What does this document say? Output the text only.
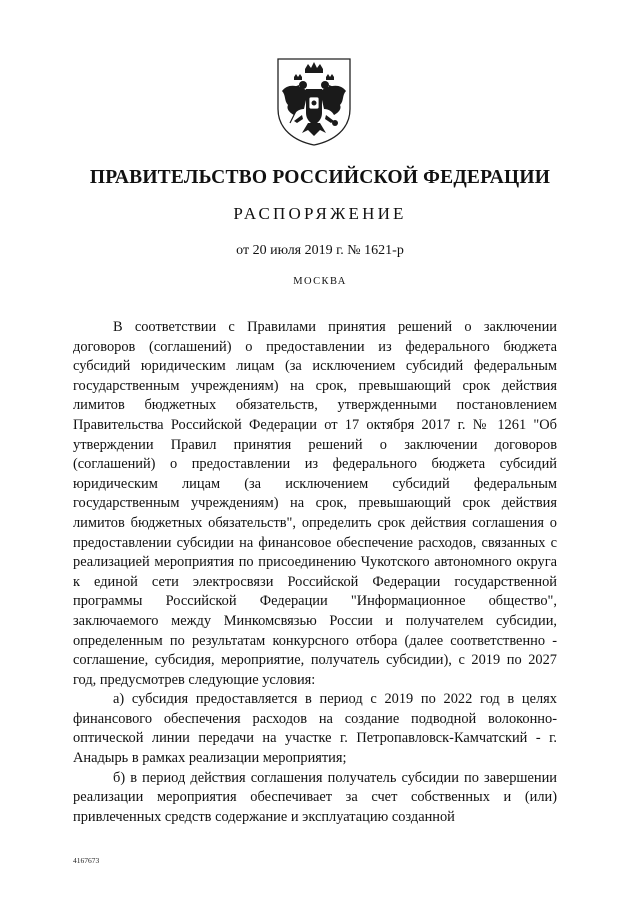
ПРАВИТЕЛЬСТВО РОССИЙСКОЙ ФЕДЕРАЦИИ
РАСПОРЯЖЕНИЕ
от 20 июля 2019 г. № 1621-р
МОСКВА

В соответствии с Правилами принятия решений о заключении договоров (соглашений) о предоставлении из федерального бюджета субсидий юридическим лицам (за исключением субсидий федеральным государственным учреждениям) на срок, превышающий срок действия лимитов бюджетных обязательств, утвержденными постановлением Правительства Российской Федерации от 17 октября 2017 г. № 1261 "Об утверждении Правил принятия решений о заключении договоров (соглашений) о предоставлении из федерального бюджета субсидий юридическим лицам (за исключением субсидий федеральным государственным учреждениям) на срок, превышающий срок действия лимитов бюджетных обязательств", определить срок действия соглашения о предоставлении субсидии на финансовое обеспечение расходов, связанных с реализацией мероприятия по присоединению Чукотского автономного округа к единой сети электросвязи Российской Федерации государственной программы Российской Федерации "Информационное общество", заключаемого между Минкомсвязью России и получателем субсидии, определенным по результатам конкурсного отбора (далее соответственно - соглашение, субсидия, мероприятие, получатель субсидии), с 2019 по 2027 год, предусмотрев следующие условия:

а) субсидия предоставляется в период с 2019 по 2022 год в целях финансового обеспечения расходов на создание подводной волоконно-оптической линии передачи на участке г. Петропавловск-Камчатский - г. Анадырь в рамках реализации мероприятия;

б) в период действия соглашения получатель субсидии по завершении реализации мероприятия обеспечивает за счет собственных и (или) привлеченных средств содержание и эксплуатацию созданной

4167673
